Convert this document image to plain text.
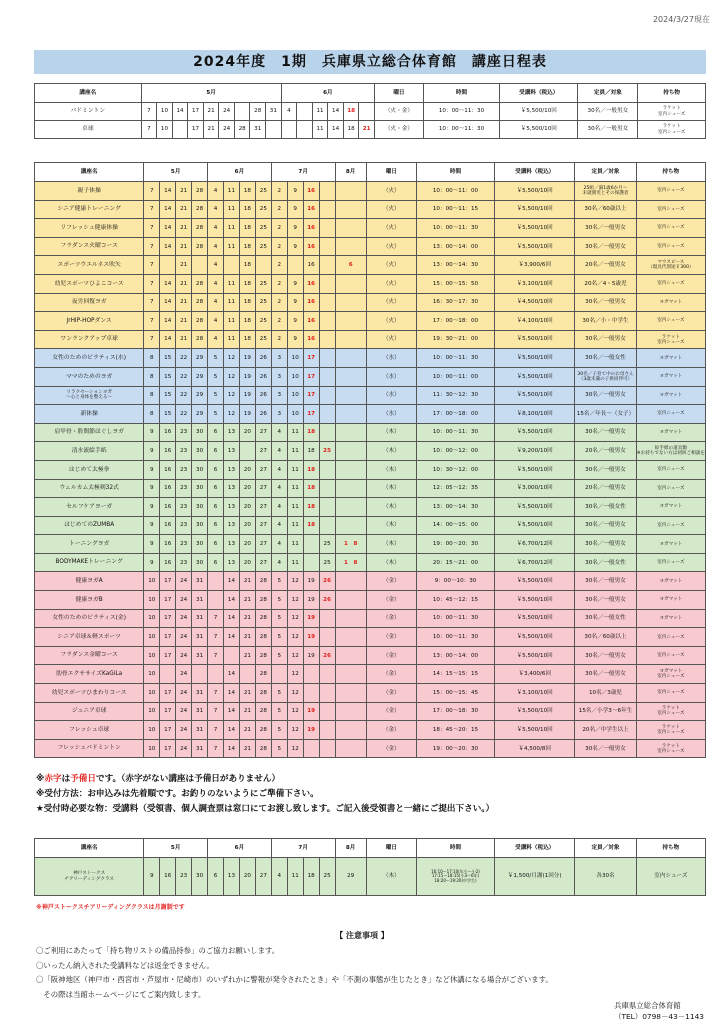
2024/3/27現在
2024年度　1期　兵庫県立総合体育館　講座日程表
講座名	5月									6月						曜日	時間	受講料（税込）	定員／対象	持ち物
バドミントン	7	10	14	17	21	24		28	31	4		11	14	18		（火・金）	10：00～11：30	￥5,500/10回	30名／一般男女	ラケット
室内シューズ
卓球	7	10		17	21	24	28	31				11	14	18	21	（火・金）	10：00～11：30	￥5,500/10回	30名／一般男女	ラケット
室内シューズ
講座名	5月				6月				7月				8月	曜日	時間	受講料（税込）	定員／対象	持ち物
親子体操	7	14	21	28	4	11	18	25	2	9	16			（火）	10：00～11：00	￥5,500/10回	25組／満1歳6か月～
未就園児とその保護者	室内シューズ
シニア健康トレーニング	7	14	21	28	4	11	18	25	2	9	16			（火）	10：00～11：15	￥5,500/10回	30名／60歳以上	室内シューズ
リフレッシュ健康体操	7	14	21	28	4	11	18	25	2	9	16			（火）	10：00～11：30	￥5,500/10回	30名／一般男女	室内シューズ
フラダンス火曜コース	7	14	21	28	4	11	18	25	2	9	16			（火）	13：00～14：00	￥5,500/10回	30名／一般男女	室内シューズ
スポーツウエルネス吹矢	7		21		4		18		2		16		6	（火）	13：00～14：30	￥3,900/6回	20名／一般男女	マウスピース
（現具代別途￥300）
幼児スポーツひよこコース	7	14	21	28	4	11	18	25	2	9	16			（火）	15：00～15：50	￥3,100/10回	20名／4・5歳児	室内シューズ
夜労回復ヨガ	7	14	21	28	4	11	18	25	2	9	16			（火）	16：30～17：30	￥4,500/10回	30名／一般男女	ヨガマット
JrHIP-HOPダンス	7	14	21	28	4	11	18	25	2	9	16			（火）	17：00～18：00	￥4,100/10回	30名／小・中学生	室内シューズ
ワンランクアップ卓球	7	14	21	28	4	11	18	25	2	9	16			（火）	19：30～21：00	￥5,500/10回	30名／一般男女	ラケット
室内シューズ
女性のためのピラティス(水)	8	15	22	29	5	12	19	26	3	10	17			（水）	10：00～11：30	￥5,500/10回	30名／一般女性	ヨガマット
ママのためのヨガ	8	15	22	29	5	12	19	26	3	10	17			（水）	10：00～11：00	￥5,500/10回	30名／子育て中のお母さん
（3歳未満の子供同伴可）	ヨガマット
リラクセーションヨガ
～心と身体を整える～	8	15	22	29	5	12	19	26	3	10	17			（水）	11：30～12：30	￥5,500/10回	30名／一般男女	ヨガマット
新体操	8	15	22	29	5	12	19	26	3	10	17			（水）	17：00～18：00	￥8,100/10回	15名／年長～（女子）	室内シューズ
肩甲骨・股関節ほぐしヨガ	9	16	23	30	6	13	20	27	4	11	18			（木）	10：00～11：30	￥5,500/10回	30名／一般男女	ヨガマット
清水流絵手紙	9	16	23	30	6	13		27	4	11	18	25		（木）	10：00～12：00	￥9,200/10回	20名／一般男女	絵手紙の道具類
※お持ちでない方は初回ご相談を
はじめて太極拳	9	16	23	30	6	13	20	27	4	11	18			（木）	10：30～12：00	￥5,500/10回	30名／一般男女	室内シューズ
ウェルカム太極剣32式	9	16	23	30	6	13	20	27	4	11	18			（木）	12：05～12：35	￥3,000/10回	20名／一般男女	室内シューズ
セルフケアヨーガ	9	16	23	30	6	13	20	27	4	11	18			（木）	13：00～14：30	￥5,500/10回	30名／一般女性	ヨガマット
はじめてのZUMBA	9	16	23	30	6	13	20	27	4	11	18			（木）	14：00～15：00	￥5,500/10回	30名／一般男女	室内シューズ
トーニングヨガ	9	16	23	30	6	13	20	27	4	11		25	1　8	（木）	19：00～20：30	￥6,700/12回	30名／一般男女	ヨガマット
BODYMAKEトレーニング	9	16	23	30	6	13	20	27	4	11		25	1　8	（木）	20：15～21：00	￥6,700/12回	30名／一般女性	室内シューズ
健康ヨガA	10	17	24	31		14	21	28	5	12	19	26		（金）	9：00～10：30	￥5,500/10回	30名／一般男女	ヨガマット
健康ヨガB	10	17	24	31		14	21	28	5	12	19	26		（金）	10：45～12：15	￥5,500/10回	30名／一般男女	ヨガマット
女性のためのピラティス(金)	10	17	24	31	7	14	21	28	5	12	19			（金）	10：00～11：30	￥5,500/10回	30名／一般女性	ヨガマット
シニア卓球＆軽スポーツ	10	17	24	31	7	14	21	28	5	12	19			（金）	10：00～11：30	￥5,500/10回	30名／60歳以上	室内シューズ
フラダンス金曜コース	10	17	24	31	7		21	28	5	12	19	26		（金）	13：00～14：00	￥5,500/10回	30名／一般男女	室内シューズ
肋骨エクササイズKaGiLa	10		24			14		28		12				（金）	14：15～15：15	￥3,400/6回	30名／一般男女	ヨガマット
室内シューズ
幼児スポーツひまわりコース	10	17	24	31	7	14	21	28	5	12				（金）	15：00～15：45	￥3,100/10回	10名／3歳児	室内シューズ
ジュニア卓球	10	17	24	31	7	14	21	28	5	12	19			（金）	17：00～18：30	￥5,500/10回	15名／小学3～6年生	ラケット
室内シューズ
フレッシュ卓球	10	17	24	31	7	14	21	28	5	12	19			（金）	18：45～20：15	￥5,500/10回	20名／中学生以上	ラケット
室内シューズ
フレッシュバドミントン	10	17	24	31	7	14	21	28	5	12				（金）	19：00～20：30	￥4,500/8回	30名／一般男女	ラケット
室内シューズ
※赤字は予備日です。（赤字がない講座は予備日がありません）
※受付方法：お申込みは先着順です。お釣りのないようにご準備下さい。
★受付時必要な物：受講料（受領書、個人調査票は窓口にてお渡し致します。ご記入後受領書と一緒にご提出下さい。）
講座名	5月				6月				7月				8月	曜日	時間	受講料（税込）	定員／対象	持ち物
神戸ストークス
チアリーディングクラス	9	16	23	30	6	13	20	27	4	11	18	25	29	（木）	16:10～17:10(年少～小2)
17:15～18:15(小3～6年)
18:20～19:20(中学生)	￥1,500/月謝(1回分)	各30名	室内シューズ
※神戸ストークスチアリーディングクラスは月謝制です
【 注意事項 】
〇ご利用にあたって「持ち物リストの備品持参」のご協力お願いします。
〇いったん納入された受講料などは返金できません。
〇「阪神地区（神戸市・西宮市・芦屋市・尼崎市）のいずれかに警報が発令されたとき」や「不測の事態が生じたとき」など休講になる場合がございます。
　その際は当館ホームページにてご案内致します。
兵庫県立総合体育館
（TEL）0798－43－1143
